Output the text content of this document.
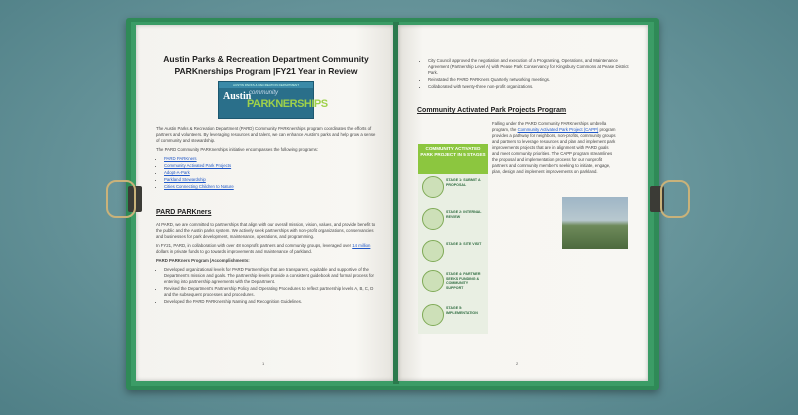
Austin Parks & Recreation Department Community PARKnerships Program |FY21 Year in Review
AUSTIN PARKS & RECREATION DEPARTMENT
Austin
community
PARKNERSHIPS

The Austin Parks & Recreation Department (PARD) Community PARKnerships program coordinates the efforts of partners and volunteers. By leveraging resources and talent, we can enhance Austin's parks and help grow a sense of community and stewardship.

The PARD Community PARKnerships initiative encompasses the following programs:

• PARD PARKners
• Community Activated Park Projects
• Adopt-A-Park
• Parkland Stewardship
• Cities Connecting Children to Nature
PARD PARKners

At PARD, we are committed to partnerships that align with our overall mission, vision, values, and provide benefit to the public and the Austin parks system. We actively seek partnerships with non-profit organizations, conservancies and businesses for park development, maintenance, operations, and programming.

In FY21, PARD, in collaboration with over 48 nonprofit partners and community groups, leveraged over 14 million dollars in private funds to go towards improvements and maintenance of parkland.

PARD PARKners Program |Accomplishments:

• Developed organizational levels for PARD Partnerships that are transparent, equitable and supportive of the Department's mission and goals. The partnership levels provide a consistent guidebook and formal process for entering into partnership agreements with the Department.
• Revised the Department's Partnership Policy and Operating Procedures to reflect partnership levels A, B, C, D and the subsequent processes and procedures.
• Developed the PARD PARKnership Naming and Recognition Guidelines.
1
• City Council approved the negotiation and execution of a Programing, Operations, and Maintenance Agreement (Partnership Level A) with Pease Park Conservancy for Kingsbury Commons at Pease District Park.
• Reinstated the PARD PARKners Quarterly networking meetings.
• Collaborated with twenty-three non-profit organizations.
Community Activated Park Projects Program
COMMUNITY ACTIVATED PARK PROJECT IN 5 STAGES
STAGE 1: SUBMIT A PROPOSAL
STAGE 2: INTERNAL REVIEW
STAGE 3: SITE VISIT
STAGE 4: PARTNER SEEKS FUNDING & COMMUNITY SUPPORT
STAGE 5: IMPLEMENTATION

Falling under the PARD Community PARKnerships umbrella program, the Community Activated Park Project (CAPP) program provides a pathway for neighbors, non-profits, community groups and partners to leverage resources and plan and implement park improvements projects that are in alignment with PARD goals and meet community priorities. The CAPP program streamlines the proposal and implementation process for our nonprofit partners and community member's seeking to initiate, engage, plan, design and implement improvements on parkland.

2
